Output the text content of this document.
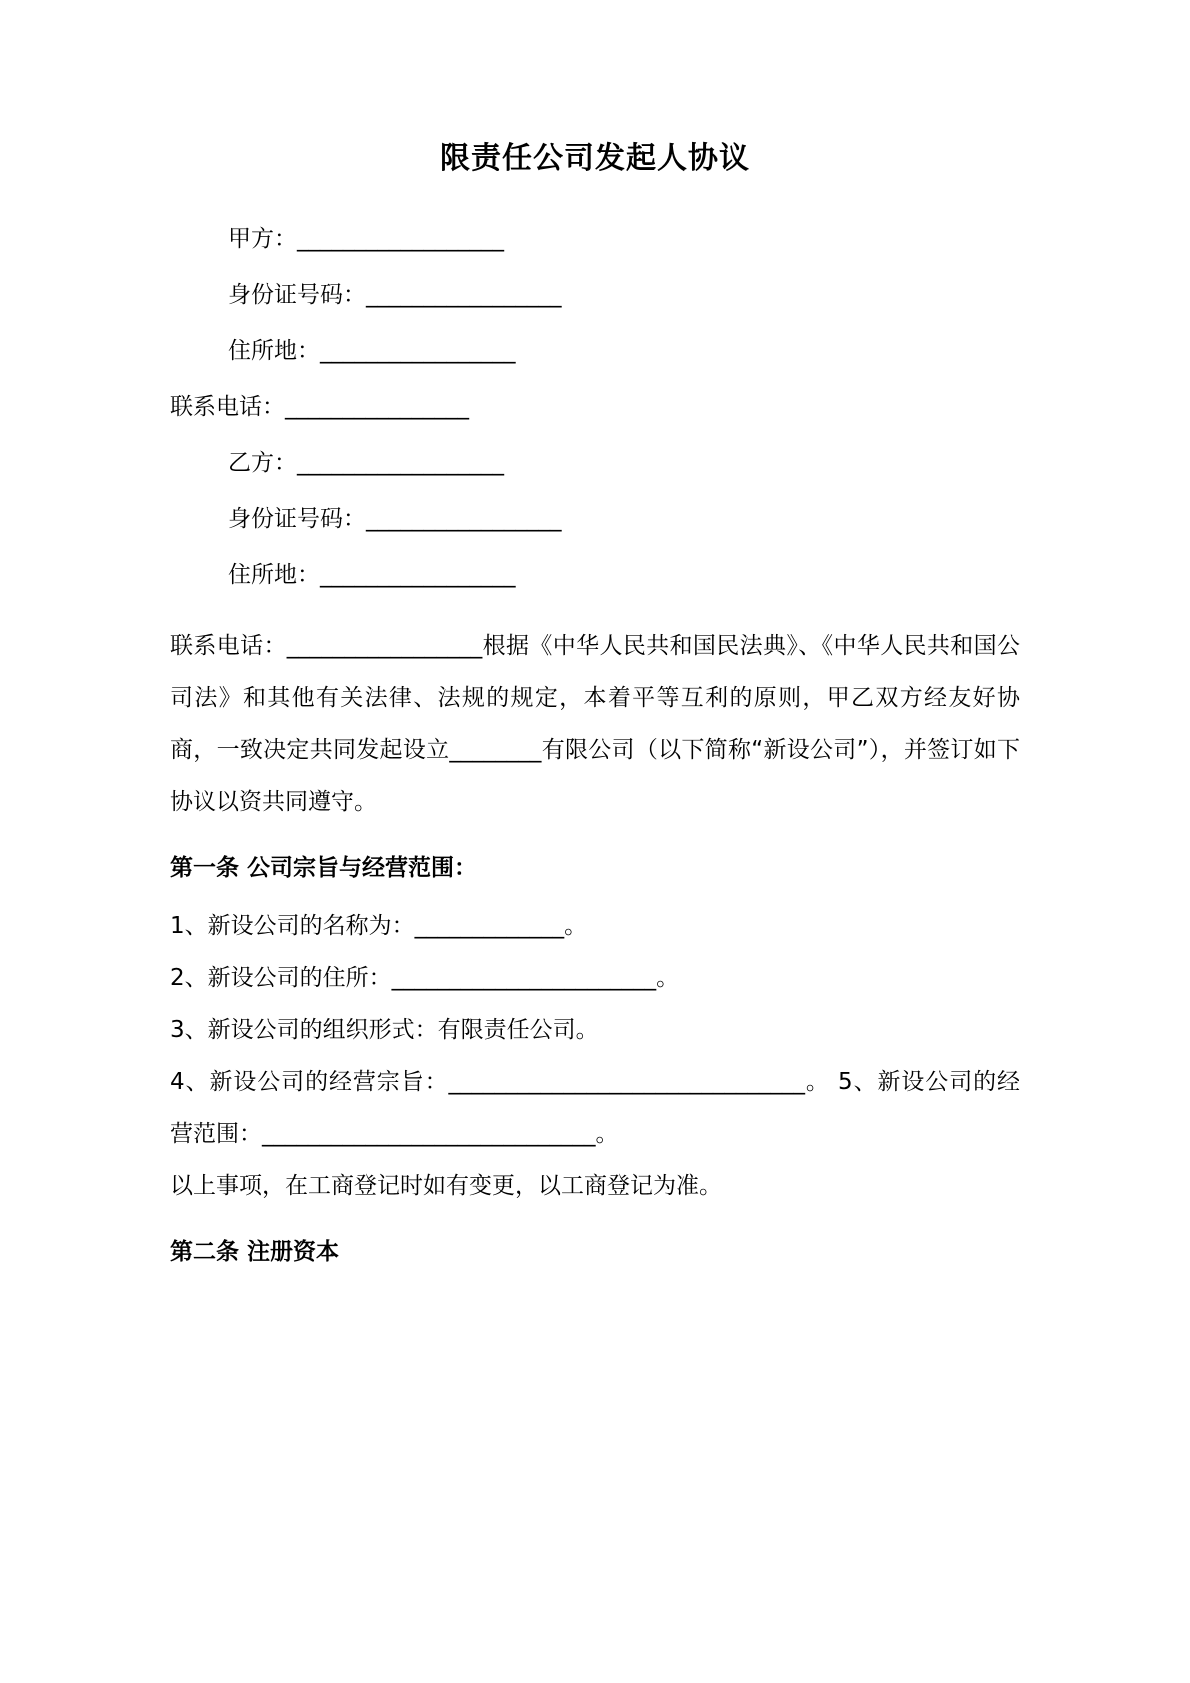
限责任公司发起人协议

甲方：__________________

身份证号码：_________________

住所地：_________________

联系电话：________________

乙方：__________________

身份证号码：_________________

住所地：_________________

联系电话：_________________根据《中华人民共和国民法典》、《中华人民共和国公司法》和其他有关法律、法规的规定，本着平等互利的原则，甲乙双方经友好协商，一致决定共同发起设立________有限公司（以下简称“新设公司”），并签订如下协议以资共同遵守。

第一条 公司宗旨与经营范围：

1、新设公司的名称为：_____________。

2、新设公司的住所：_______________________。

3、新设公司的组织形式：有限责任公司。

4、新设公司的经营宗旨：_______________________________。 5、新设公司的经营范围：_____________________________。

以上事项，在工商登记时如有变更，以工商登记为准。

第二条 注册资本
